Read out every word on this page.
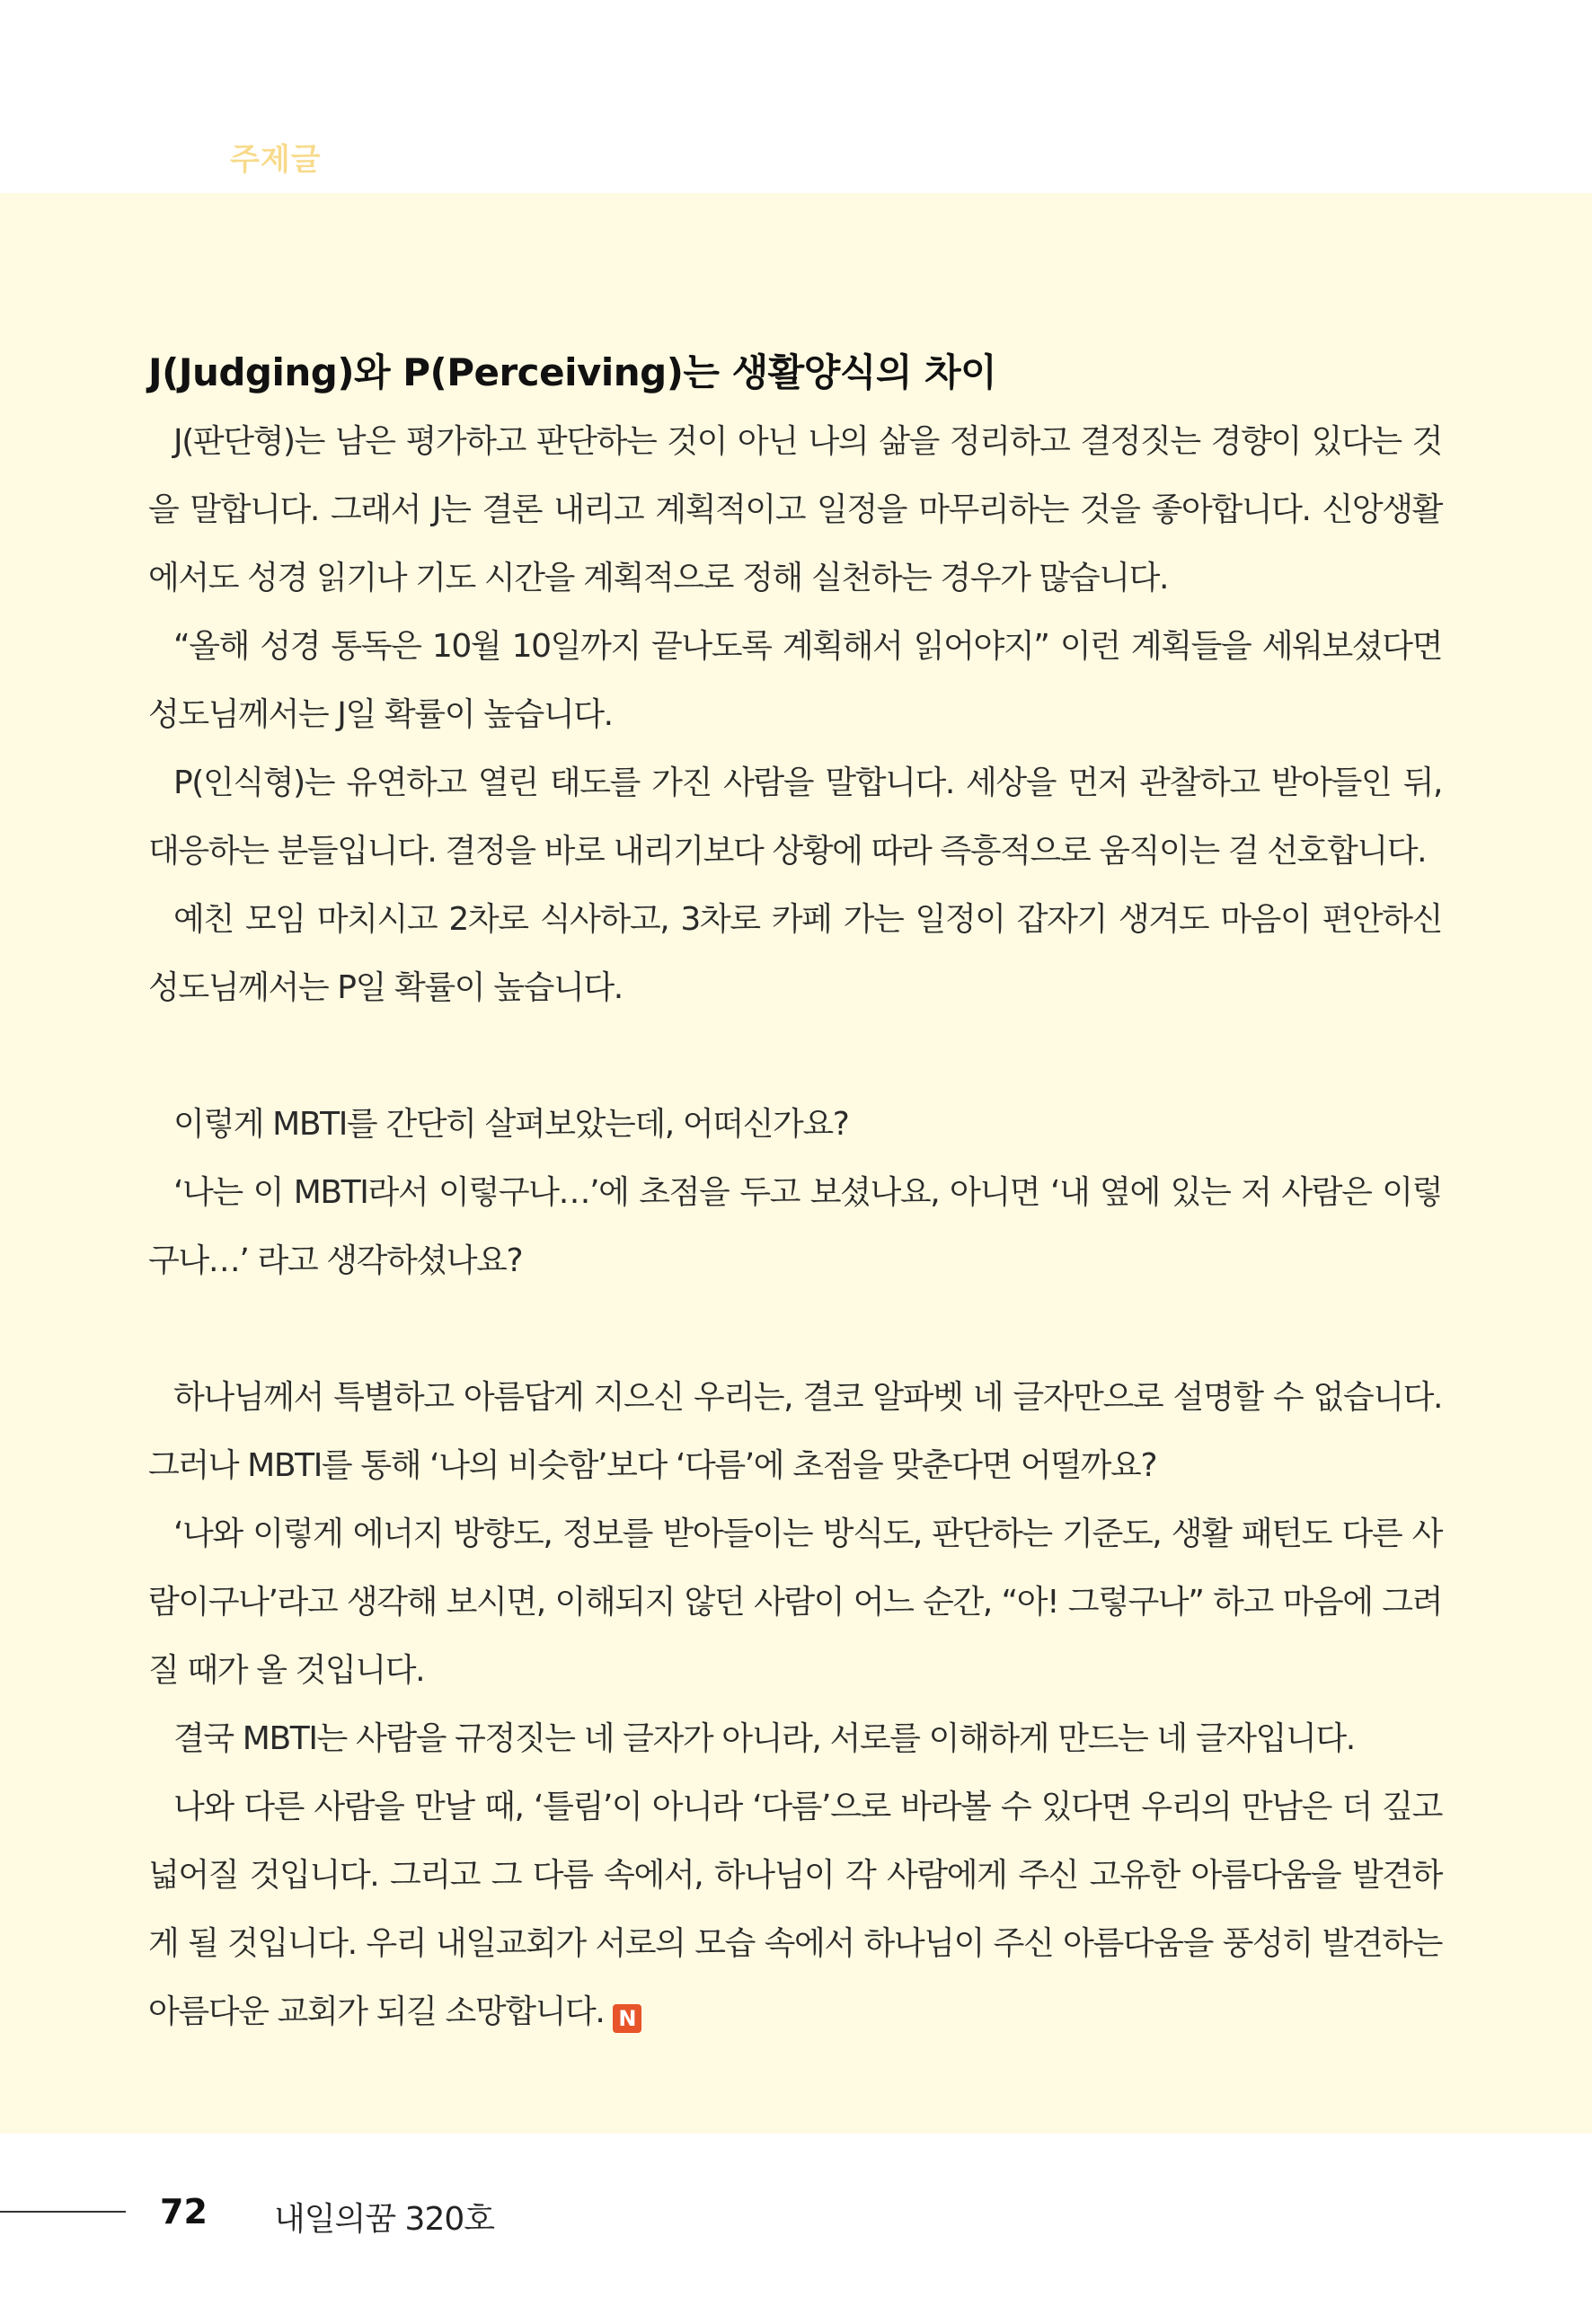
주제글
J(Judging)와 P(Perceiving)는 생활양식의 차이

J(판단형)는 남은 평가하고 판단하는 것이 아닌 나의 삶을 정리하고 결정짓는 경향이 있다는 것을 말합니다. 그래서 J는 결론 내리고 계획적이고 일정을 마무리하는 것을 좋아합니다. 신앙생활에서도 성경 읽기나 기도 시간을 계획적으로 정해 실천하는 경우가 많습니다.

“올해 성경 통독은 10월 10일까지 끝나도록 계획해서 읽어야지” 이런 계획들을 세워보셨다면 성도님께서는 J일 확률이 높습니다.

P(인식형)는 유연하고 열린 태도를 가진 사람을 말합니다. 세상을 먼저 관찰하고 받아들인 뒤, 대응하는 분들입니다. 결정을 바로 내리기보다 상황에 따라 즉흥적으로 움직이는 걸 선호합니다.

예친 모임 마치시고 2차로 식사하고, 3차로 카페 가는 일정이 갑자기 생겨도 마음이 편안하신 성도님께서는 P일 확률이 높습니다.

이렇게 MBTI를 간단히 살펴보았는데, 어떠신가요?

‘나는 이 MBTI라서 이렇구나…’에 초점을 두고 보셨나요, 아니면 ‘내 옆에 있는 저 사람은 이렇구나…’ 라고 생각하셨나요?

하나님께서 특별하고 아름답게 지으신 우리는, 결코 알파벳 네 글자만으로 설명할 수 없습니다. 그러나 MBTI를 통해 ‘나의 비슷함’보다 ‘다름’에 초점을 맞춘다면 어떨까요?

‘나와 이렇게 에너지 방향도, 정보를 받아들이는 방식도, 판단하는 기준도, 생활 패턴도 다른 사람이구나’라고 생각해 보시면, 이해되지 않던 사람이 어느 순간, “아! 그렇구나” 하고 마음에 그려질 때가 올 것입니다.

결국 MBTI는 사람을 규정짓는 네 글자가 아니라, 서로를 이해하게 만드는 네 글자입니다.

나와 다른 사람을 만날 때, ‘틀림’이 아니라 ‘다름’으로 바라볼 수 있다면 우리의 만남은 더 깊고 넓어질 것입니다. 그리고 그 다름 속에서, 하나님이 각 사람에게 주신 고유한 아름다움을 발견하게 될 것입니다. 우리 내일교회가 서로의 모습 속에서 하나님이 주신 아름다움을 풍성히 발견하는 아름다운 교회가 되길 소망합니다. N

72 내일의꿈 320호
